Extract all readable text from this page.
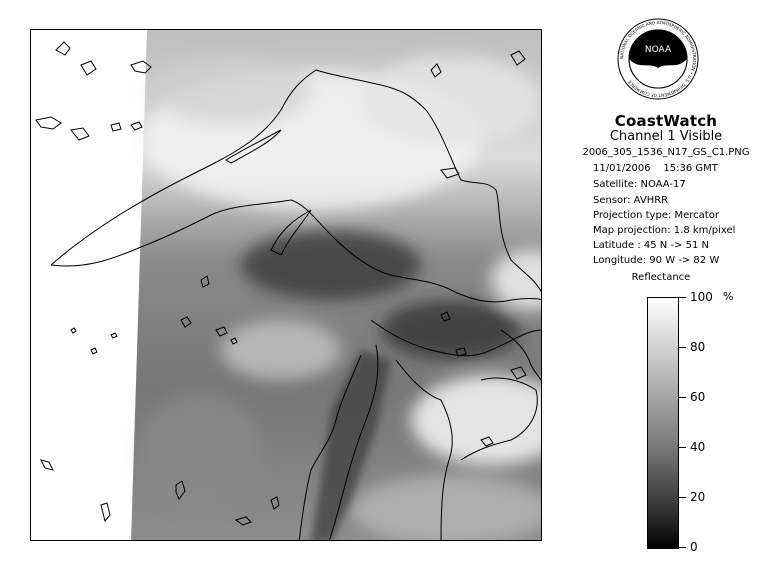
NOAA
NATIONAL OCEANIC AND ATMOSPHERIC ADMINISTRATION • U.S. DEPARTMENT OF COMMERCE
CoastWatch
Channel 1 Visible
2006_305_1536_N17_GS_C1.PNG
11/01/2006 15:36 GMT
Satellite: NOAA-17
Sensor: AVHRR
Projection type: Mercator
Map projection: 1.8 km/pixel
Latitude : 45 N -> 51 N
Longitude: 90 W -> 82 W
Reflectance
%
0
20
40
60
80
100
